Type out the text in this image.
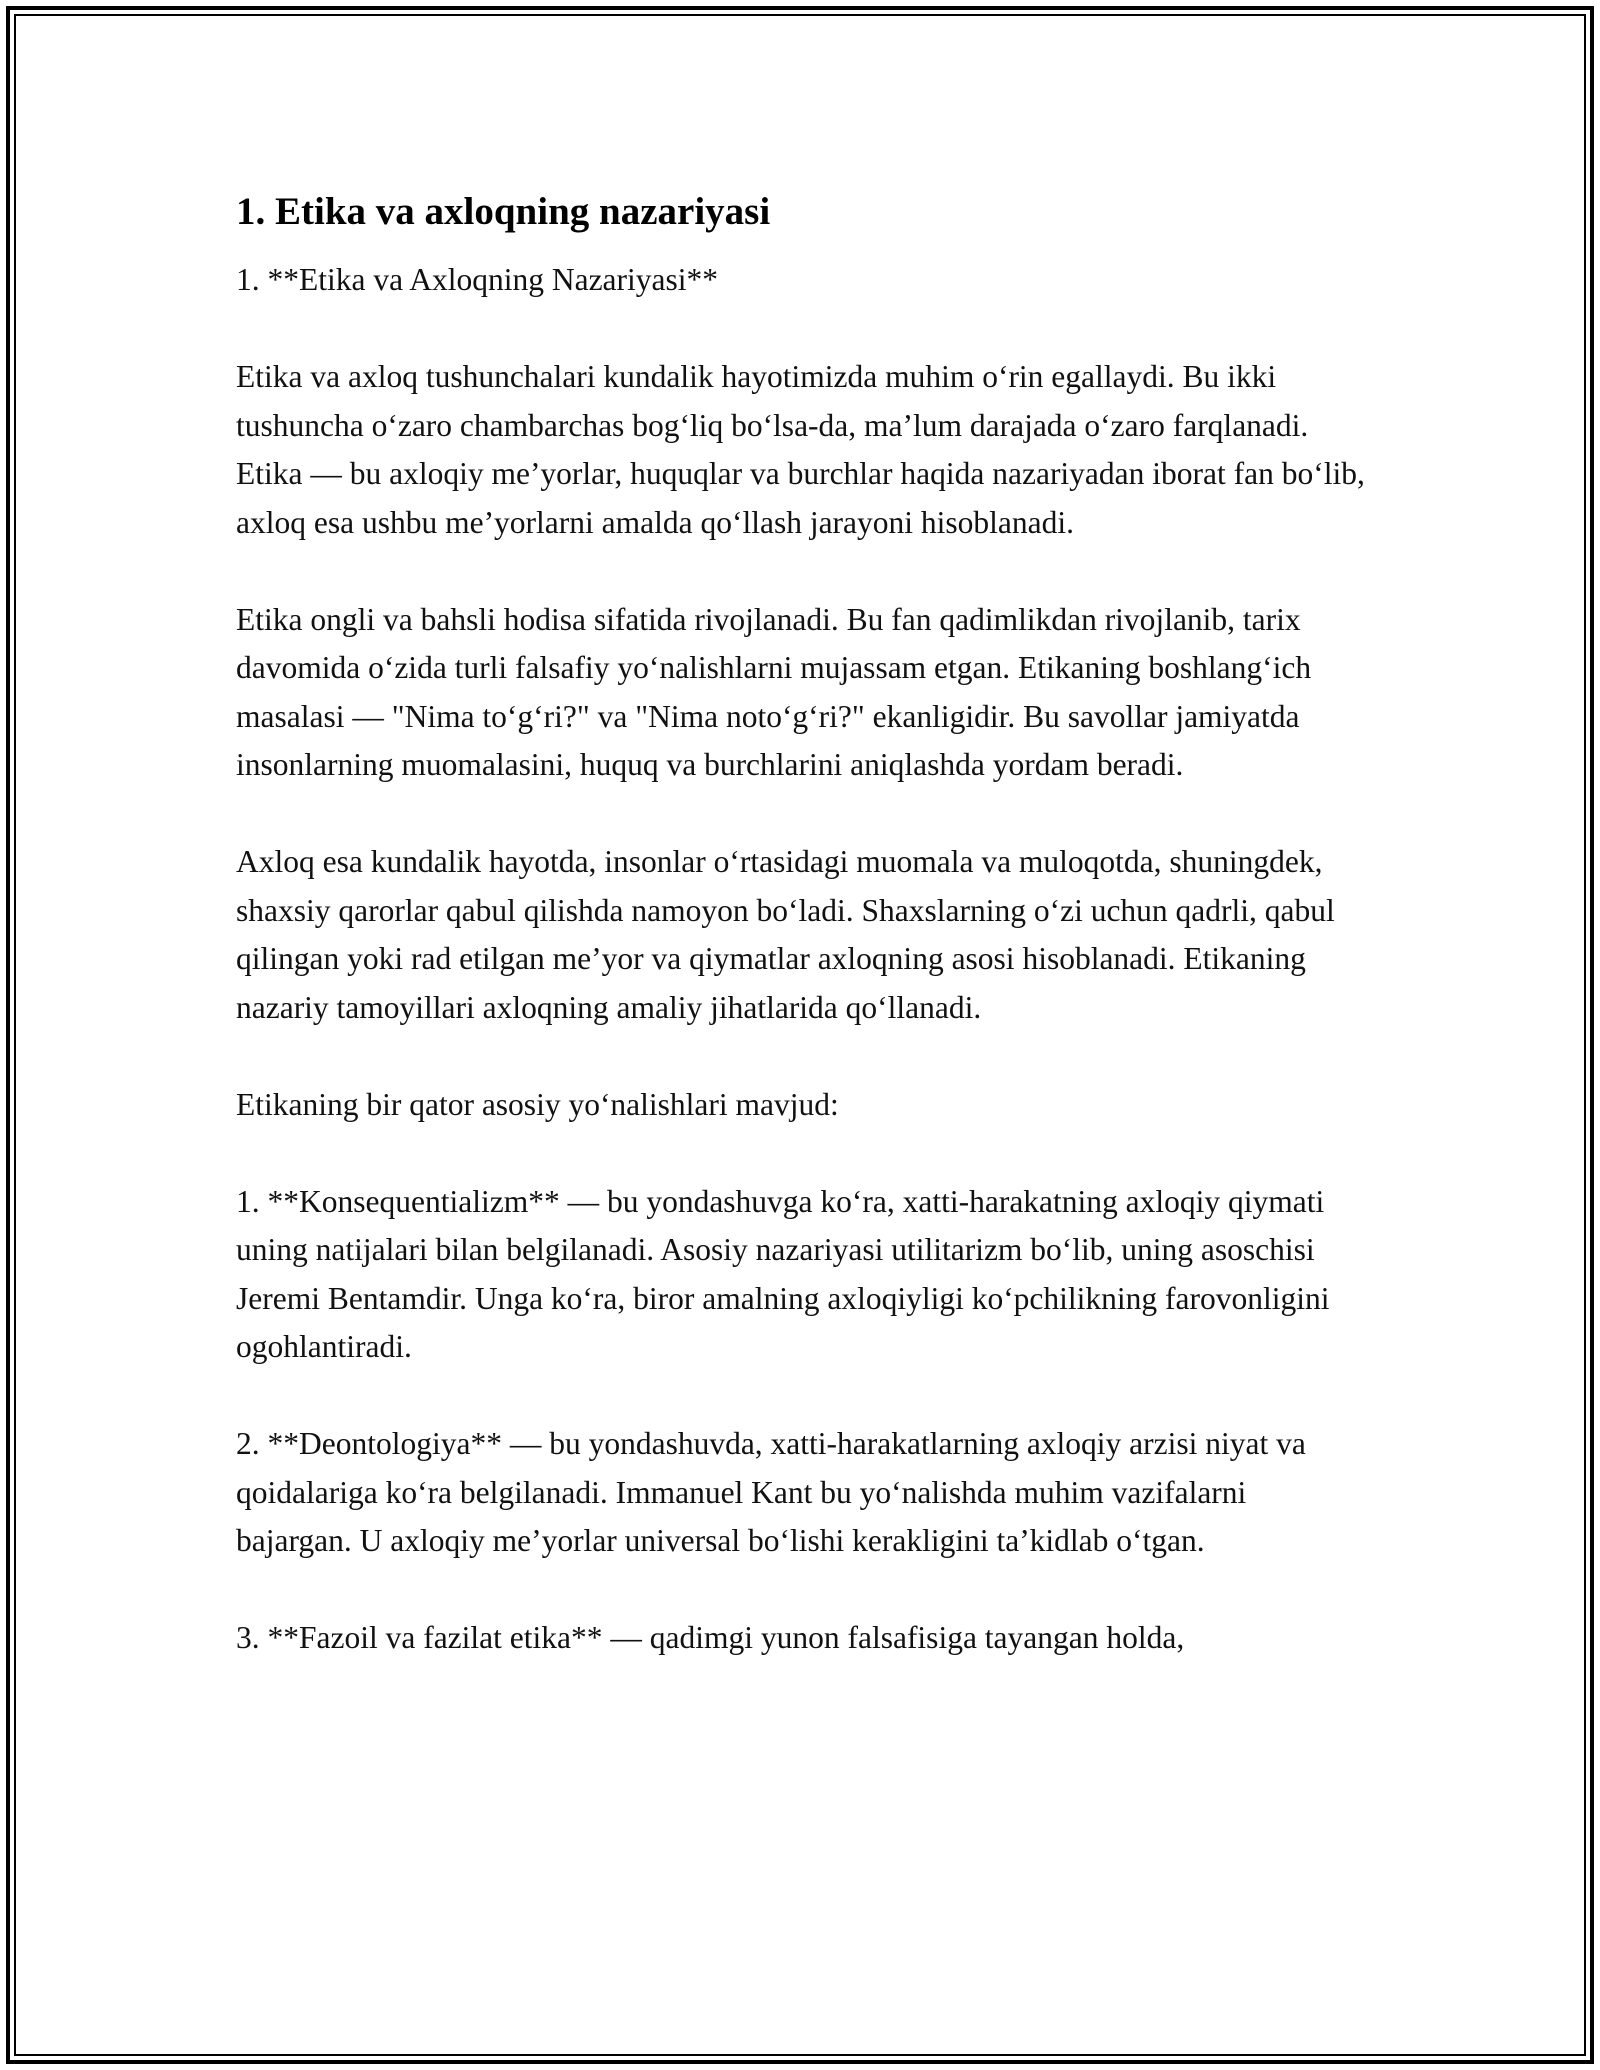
1. Etika va axloqning nazariyasi

1. **Etika va Axloqning Nazariyasi**

Etika va axloq tushunchalari kundalik hayotimizda muhim o‘rin egallaydi. Bu ikki tushuncha o‘zaro chambarchas bog‘liq bo‘lsa-da, ma’lum darajada o‘zaro farqlanadi. Etika — bu axloqiy me’yorlar, huquqlar va burchlar haqida nazariyadan iborat fan bo‘lib, axloq esa ushbu me’yorlarni amalda qo‘llash jarayoni hisoblanadi.

Etika ongli va bahsli hodisa sifatida rivojlanadi. Bu fan qadimlikdan rivojlanib, tarix davomida o‘zida turli falsafiy yo‘nalishlarni mujassam etgan. Etikaning boshlang‘ich masalasi — "Nima to‘g‘ri?" va "Nima noto‘g‘ri?" ekanligidir. Bu savollar jamiyatda insonlarning muomalasini, huquq va burchlarini aniqlashda yordam beradi.

Axloq esa kundalik hayotda, insonlar o‘rtasidagi muomala va muloqotda, shuningdek, shaxsiy qarorlar qabul qilishda namoyon bo‘ladi. Shaxslarning o‘zi uchun qadrli, qabul qilingan yoki rad etilgan me’yor va qiymatlar axloqning asosi hisoblanadi. Etikaning nazariy tamoyillari axloqning amaliy jihatlarida qo‘llanadi.

Etikaning bir qator asosiy yo‘nalishlari mavjud:

1. **Konsequentializm** — bu yondashuvga ko‘ra, xatti-harakatning axloqiy qiymati uning natijalari bilan belgilanadi. Asosiy nazariyasi utilitarizm bo‘lib, uning asoschisi Jeremi Bentamdir. Unga ko‘ra, biror amalning axloqiyligi ko‘pchilikning farovonligini ogohlantiradi.

2. **Deontologiya** — bu yondashuvda, xatti-harakatlarning axloqiy arzisi niyat va qoidalariga ko‘ra belgilanadi. Immanuel Kant bu yo‘nalishda muhim vazifalarni bajargan. U axloqiy me’yorlar universal bo‘lishi kerakligini ta’kidlab o‘tgan.

3. **Fazoil va fazilat etika** — qadimgi yunon falsafisiga tayangan holda,
